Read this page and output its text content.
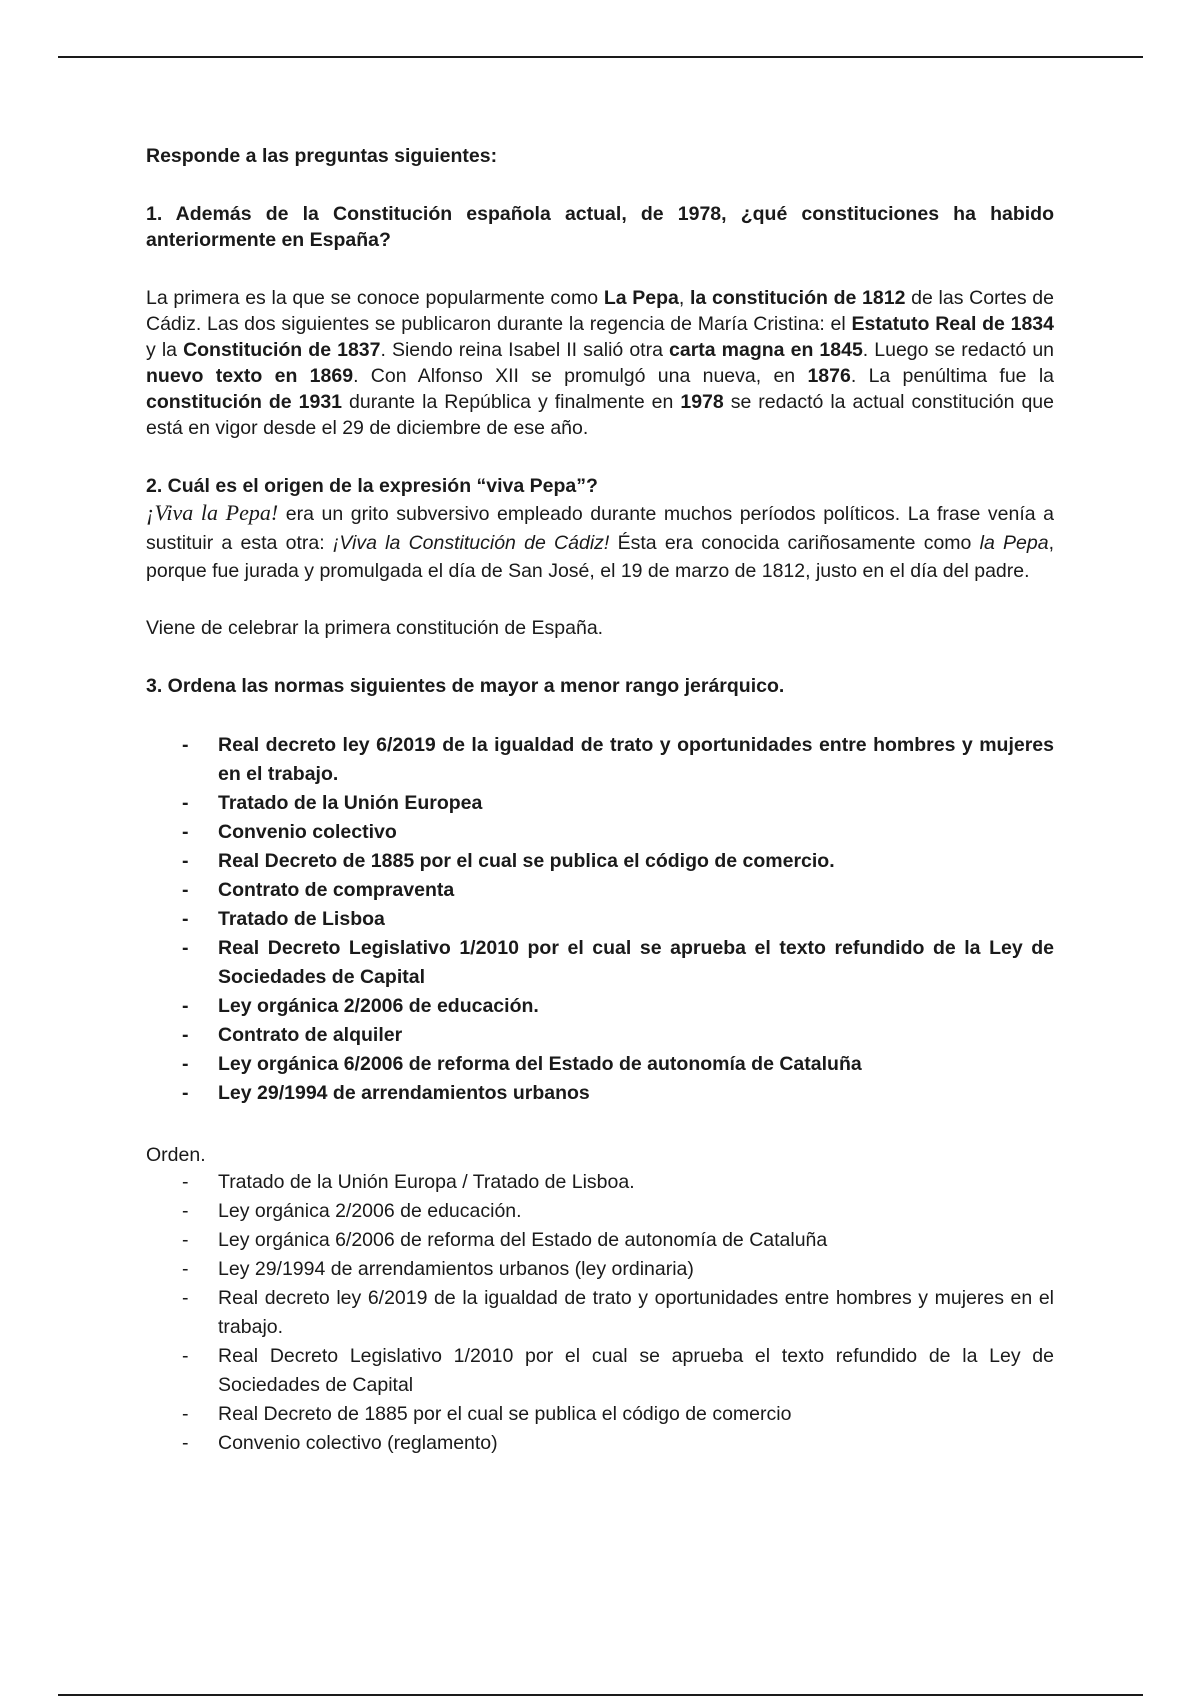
Responde a las preguntas siguientes:

1. Además de la Constitución española actual, de 1978, ¿qué constituciones ha habido anteriormente en España?

La primera es la que se conoce popularmente como La Pepa, la constitución de 1812 de las Cortes de Cádiz. Las dos siguientes se publicaron durante la regencia de María Cristina: el Estatuto Real de 1834 y la Constitución de 1837. Siendo reina Isabel II salió otra carta magna en 1845. Luego se redactó un nuevo texto en 1869. Con Alfonso XII se promulgó una nueva, en 1876. La penúltima fue la constitución de 1931 durante la República y finalmente en 1978 se redactó la actual constitución que está en vigor desde el 29 de diciembre de ese año.

2. Cuál es el origen de la expresión “viva Pepa”?

¡Viva la Pepa! era un grito subversivo empleado durante muchos períodos políticos. La frase venía a sustituir a esta otra: ¡Viva la Constitución de Cádiz! Ésta era conocida cariñosamente como la Pepa, porque fue jurada y promulgada el día de San José, el 19 de marzo de 1812, justo en el día del padre.

Viene de celebrar la primera constitución de España.

3. Ordena las normas siguientes de mayor a menor rango jerárquico.

- Real decreto ley 6/2019 de la igualdad de trato y oportunidades entre hombres y mujeres en el trabajo.
- Tratado de la Unión Europea
- Convenio colectivo
- Real Decreto de 1885 por el cual se publica el código de comercio.
- Contrato de compraventa
- Tratado de Lisboa
- Real Decreto Legislativo 1/2010 por el cual se aprueba el texto refundido de la Ley de Sociedades de Capital
- Ley orgánica 2/2006 de educación.
- Contrato de alquiler
- Ley orgánica 6/2006 de reforma del Estado de autonomía de Cataluña
- Ley 29/1994 de arrendamientos urbanos

Orden.

- Tratado de la Unión Europa / Tratado de Lisboa.
- Ley orgánica 2/2006 de educación.
- Ley orgánica 6/2006 de reforma del Estado de autonomía de Cataluña
- Ley 29/1994 de arrendamientos urbanos (ley ordinaria)
- Real decreto ley 6/2019 de la igualdad de trato y oportunidades entre hombres y mujeres en el trabajo.
- Real Decreto Legislativo 1/2010 por el cual se aprueba el texto refundido de la Ley de Sociedades de Capital
- Real Decreto de 1885 por el cual se publica el código de comercio
- Convenio colectivo (reglamento)
